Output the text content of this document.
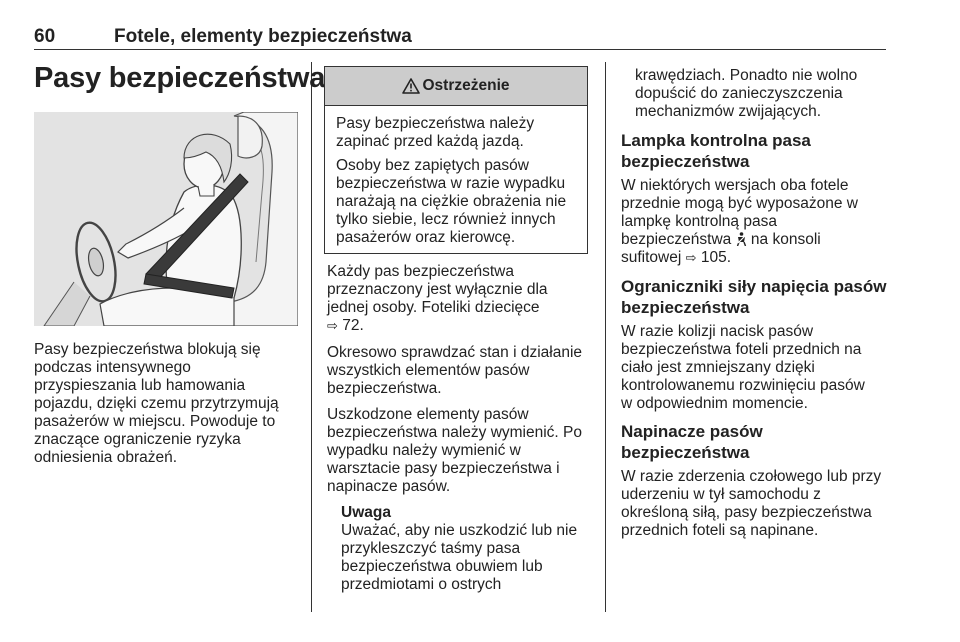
60	Fotele, elementy bezpieczeństwa
Pasy bezpieczeństwa
Pasy bezpieczeństwa blokują się
podczas intensywnego
przyspieszania lub hamowania
pojazdu, dzięki czemu przytrzymują
pasażerów w miejscu. Powoduje to
znaczące ograniczenie ryzyka
odniesienia obrażeń.
Ostrzeżenie

Pasy bezpieczeństwa należy
zapinać przed każdą jazdą.

Osoby bez zapiętych pasów
bezpieczeństwa w razie wypadku
narażają na ciężkie obrażenia nie
tylko siebie, lecz również innych
pasażerów oraz kierowcę.

Każdy pas bezpieczeństwa
przeznaczony jest wyłącznie dla
jednej osoby. Foteliki dziecięce
⇨ 72.

Okresowo sprawdzać stan i działanie
wszystkich elementów pasów
bezpieczeństwa.

Uszkodzone elementy pasów
bezpieczeństwa należy wymienić. Po
wypadku należy wymienić w
warsztacie pasy bezpieczeństwa i
napinacze pasów.

Uwaga
Uważać, aby nie uszkodzić lub nie
przykleszczyć taśmy pasa
bezpieczeństwa obuwiem lub
przedmiotami o ostrych
krawędziach. Ponadto nie wolno
dopuścić do zanieczyszczenia
mechanizmów zwijających.
Lampka kontrolna pasa
bezpieczeństwa

W niektórych wersjach oba fotele
przednie mogą być wyposażone w
lampkę kontrolną pasa
bezpieczeństwa na konsoli
sufitowej ⇨ 105.

Ograniczniki siły napięcia pasów
bezpieczeństwa

W razie kolizji nacisk pasów
bezpieczeństwa foteli przednich na
ciało jest zmniejszany dzięki
kontrolowanemu rozwinięciu pasów
w odpowiednim momencie.

Napinacze pasów
bezpieczeństwa

W razie zderzenia czołowego lub przy
uderzeniu w tył samochodu z
określoną siłą, pasy bezpieczeństwa
przednich foteli są napinane.
